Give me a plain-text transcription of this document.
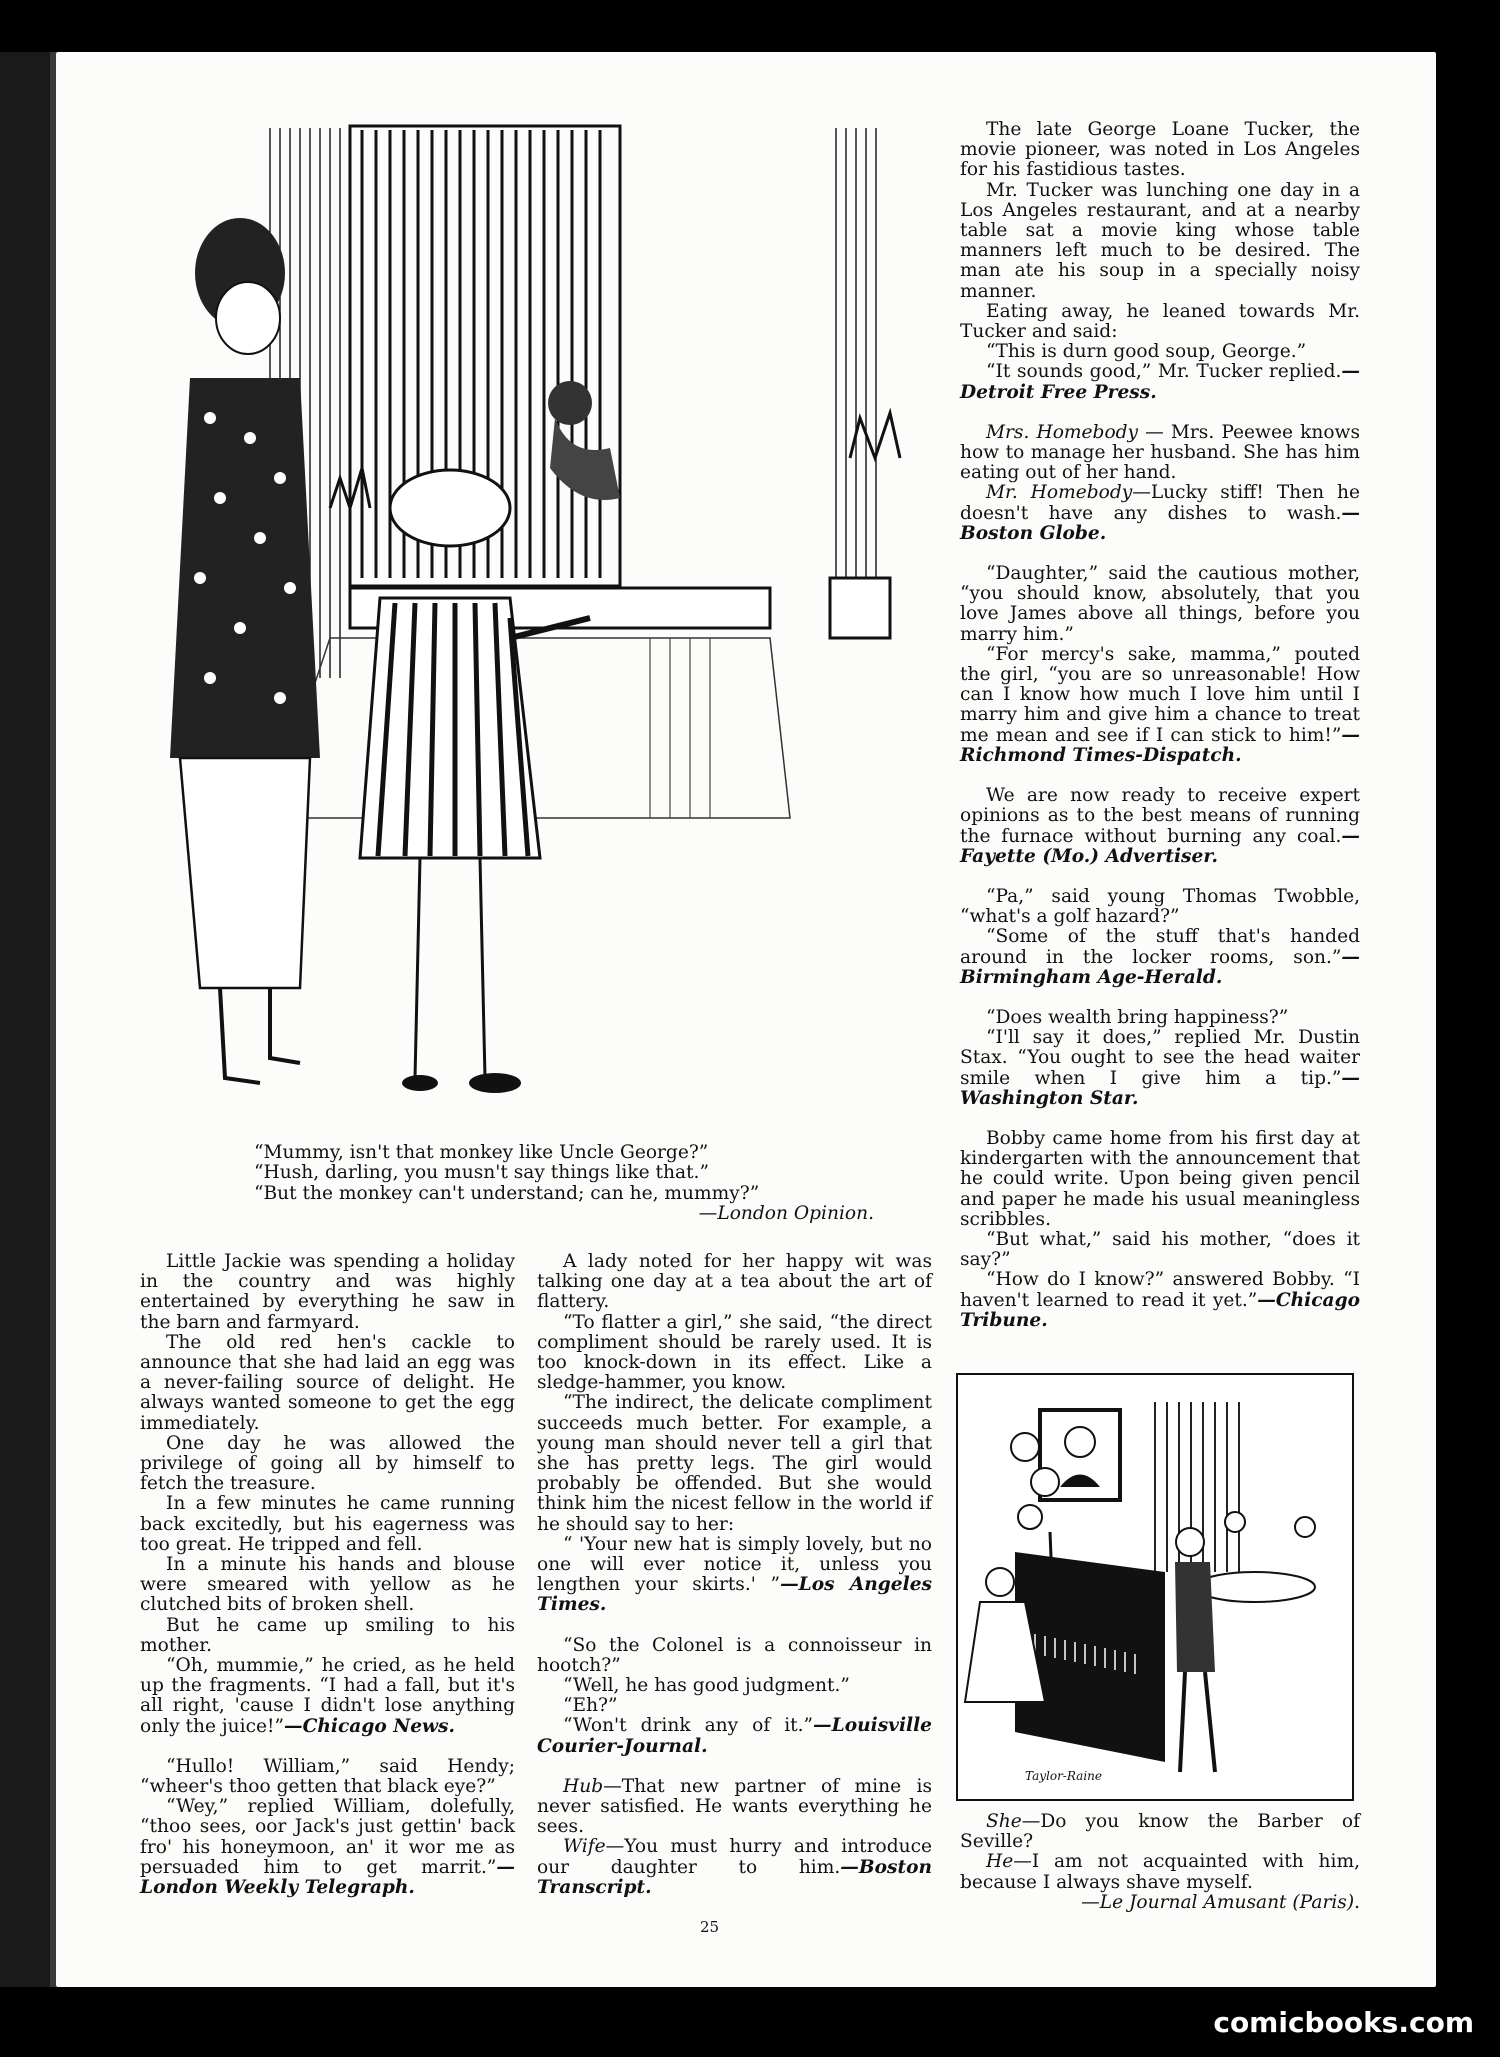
“Mummy, isn't that monkey like Uncle George?”

“Hush, darling, you musn't say things like that.”

“But the monkey can't understand; can he, mummy?”

—London Opinion.

Little Jackie was spending a holiday in the country and was highly entertained by everything he saw in the barn and farmyard.

The old red hen's cackle to announce that she had laid an egg was a never-failing source of delight. He always wanted someone to get the egg immediately.

One day he was allowed the privilege of going all by himself to fetch the treasure.

In a few minutes he came running back excitedly, but his eagerness was too great. He tripped and fell.

In a minute his hands and blouse were smeared with yellow as he clutched bits of broken shell.

But he came up smiling to his mother.

“Oh, mummie,” he cried, as he held up the fragments. “I had a fall, but it's all right, 'cause I didn't lose anything only the juice!”—Chicago News.

“Hullo! William,” said Hendy; “wheer's thoo getten that black eye?”

“Wey,” replied William, dolefully, “thoo sees, oor Jack's just gettin' back fro' his honeymoon, an' it wor me as persuaded him to get marrit.”—London Weekly Telegraph.

A lady noted for her happy wit was talking one day at a tea about the art of flattery.

“To flatter a girl,” she said, “the direct compliment should be rarely used. It is too knock-down in its effect. Like a sledge-hammer, you know.

“The indirect, the delicate compliment succeeds much better. For example, a young man should never tell a girl that she has pretty legs. The girl would probably be offended. But she would think him the nicest fellow in the world if he should say to her:

“ 'Your new hat is simply lovely, but no one will ever notice it, unless you lengthen your skirts.' ”—Los Angeles Times.

“So the Colonel is a connoisseur in hootch?”

“Well, he has good judgment.”

“Eh?”

“Won't drink any of it.”—Louisville Courier-Journal.

Hub—That new partner of mine is never satisfied. He wants everything he sees.

Wife—You must hurry and introduce our daughter to him.—Boston Transcript.

The late George Loane Tucker, the movie pioneer, was noted in Los Angeles for his fastidious tastes.

Mr. Tucker was lunching one day in a Los Angeles restaurant, and at a nearby table sat a movie king whose table manners left much to be desired. The man ate his soup in a specially noisy manner.

Eating away, he leaned towards Mr. Tucker and said:

“This is durn good soup, George.”

“It sounds good,” Mr. Tucker replied.—Detroit Free Press.

Mrs. Homebody — Mrs. Peewee knows how to manage her husband. She has him eating out of her hand.

Mr. Homebody—Lucky stiff! Then he doesn't have any dishes to wash.—Boston Globe.

“Daughter,” said the cautious mother, “you should know, absolutely, that you love James above all things, before you marry him.”

“For mercy's sake, mamma,” pouted the girl, “you are so unreasonable! How can I know how much I love him until I marry him and give him a chance to treat me mean and see if I can stick to him!”—Richmond Times-Dispatch.

We are now ready to receive expert opinions as to the best means of running the furnace without burning any coal.—Fayette (Mo.) Advertiser.

“Pa,” said young Thomas Twobble, “what's a golf hazard?”

“Some of the stuff that's handed around in the locker rooms, son.”—Birmingham Age-Herald.

“Does wealth bring happiness?”

“I'll say it does,” replied Mr. Dustin Stax. “You ought to see the head waiter smile when I give him a tip.”—Washington Star.

Bobby came home from his first day at kindergarten with the announcement that he could write. Upon being given pencil and paper he made his usual meaningless scribbles.

“But what,” said his mother, “does it say?”

“How do I know?” answered Bobby. “I haven't learned to read it yet.”—Chicago Tribune.

Taylor-Raine

She—Do you know the Barber of Seville?

He—I am not acquainted with him, because I always shave myself.

—Le Journal Amusant (Paris).

25
comicbooks.com
